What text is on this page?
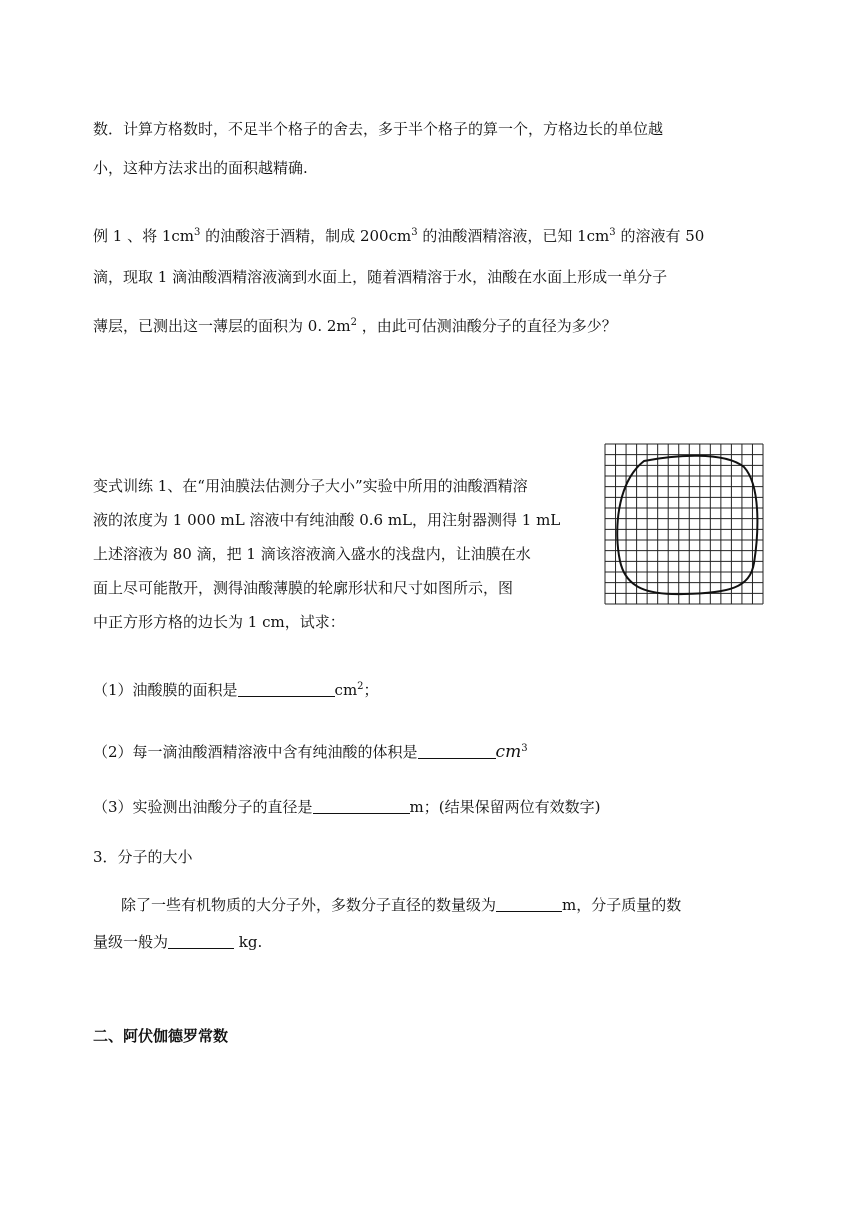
数．计算方格数时，不足半个格子的舍去，多于半个格子的算一个，方格边长的单位越
小，这种方法求出的面积越精确.
例 1 、将 $1cm^3$ 的油酸溶于酒精，制成 $200cm^3$ 的油酸酒精溶液，已知 $1cm^3$ 的溶液有 50
滴，现取 1 滴油酸酒精溶液滴到水面上，随着酒精溶于水，油酸在水面上形成一单分子
薄层，已测出这一薄层的面积为 0. $2m^2$ ，由此可估测油酸分子的直径为多少？
变式训练 1、在“用油膜法估测分子大小”实验中所用的油酸酒精溶
液的浓度为 1 000 mL 溶液中有纯油酸 0.6 mL，用注射器测得 1 mL
上述溶液为 80 滴，把 1 滴该溶液滴入盛水的浅盘内，让油膜在水
面上尽可能散开，测得油酸薄膜的轮廓形状和尺寸如图所示，图
中正方形方格的边长为 1 cm，试求：
（1）油酸膜的面积是	$cm^2$；
（2）每一滴油酸酒精溶液中含有纯油酸的体积是	$cm^3$
（3）实验测出油酸分子的直径是	m；(结果保留两位有效数字)
3．分子的大小
除了一些有机物质的大分子外，多数分子直径的数量级为	m，分子质量的数
量级一般为	kg.
二、阿伏伽德罗常数
